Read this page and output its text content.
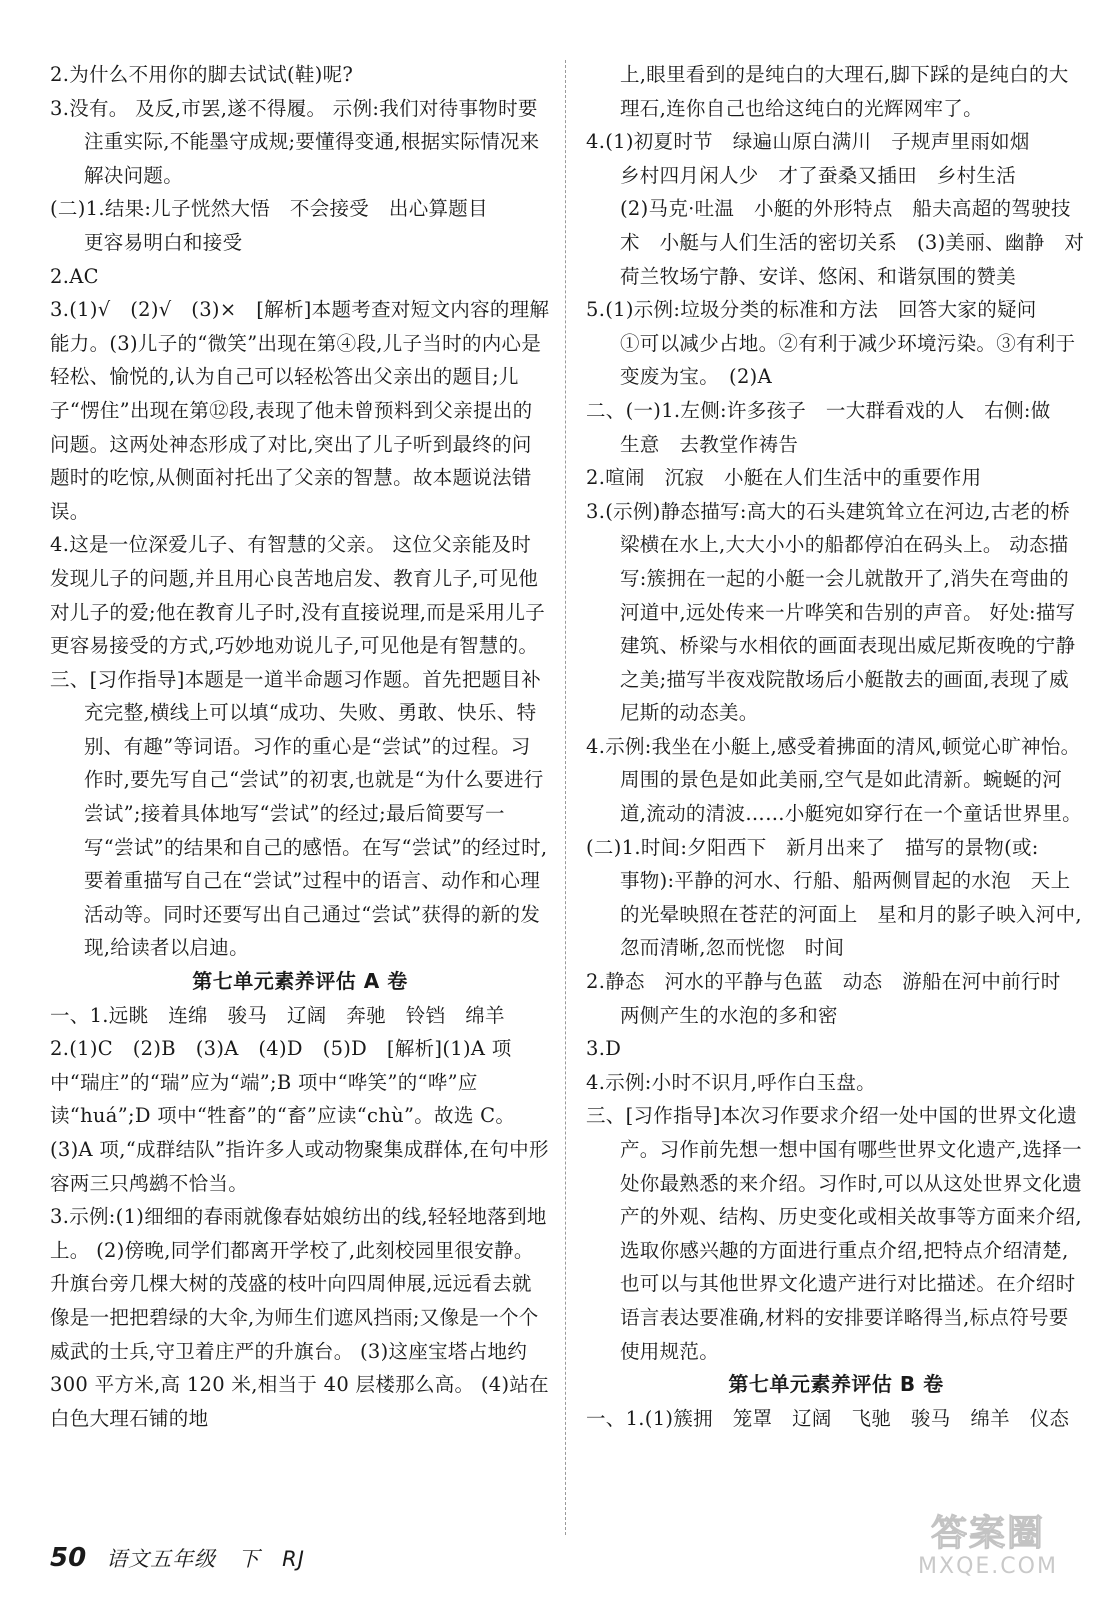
2.为什么不用你的脚去试试(鞋)呢?

3.没有。 及反,市罢,遂不得履。 示例:我们对待事物时要注重实际,不能墨守成规;要懂得变通,根据实际情况来解决问题。

(二)1.结果:儿子恍然大悟　不会接受　出心算题目

更容易明白和接受

2.AC

3.(1)√　(2)√　(3)×　[解析]本题考查对短文内容的理解能力。(3)儿子的“微笑”出现在第④段,儿子当时的内心是轻松、愉悦的,认为自己可以轻松答出父亲出的题目;儿子“愣住”出现在第⑫段,表现了他未曾预料到父亲提出的问题。这两处神态形成了对比,突出了儿子听到最终的问题时的吃惊,从侧面衬托出了父亲的智慧。故本题说法错误。

4.这是一位深爱儿子、有智慧的父亲。 这位父亲能及时发现儿子的问题,并且用心良苦地启发、教育儿子,可见他对儿子的爱;他在教育儿子时,没有直接说理,而是采用儿子更容易接受的方式,巧妙地劝说儿子,可见他是有智慧的。

三、[习作指导]本题是一道半命题习作题。首先把题目补充完整,横线上可以填“成功、失败、勇敢、快乐、特别、有趣”等词语。习作的重心是“尝试”的过程。习作时,要先写自己“尝试”的初衷,也就是“为什么要进行尝试”;接着具体地写“尝试”的经过;最后简要写一写“尝试”的结果和自己的感悟。在写“尝试”的经过时,要着重描写自己在“尝试”过程中的语言、动作和心理活动等。同时还要写出自己通过“尝试”获得的新的发现,给读者以启迪。

第七单元素养评估 A 卷

一、1.远眺　连绵　骏马　辽阔　奔驰　铃铛　绵羊

2.(1)C　(2)B　(3)A　(4)D　(5)D　[解析](1)A 项中“瑞庄”的“瑞”应为“端”;B 项中“哗笑”的“哗”应读“huá”;D 项中“牲畜”的“畜”应读“chù”。故选 C。(3)A 项,“成群结队”指许多人或动物聚集成群体,在句中形容两三只鸬鹚不恰当。

3.示例:(1)细细的春雨就像春姑娘纺出的线,轻轻地落到地上。 (2)傍晚,同学们都离开学校了,此刻校园里很安静。升旗台旁几棵大树的茂盛的枝叶向四周伸展,远远看去就像是一把把碧绿的大伞,为师生们遮风挡雨;又像是一个个威武的士兵,守卫着庄严的升旗台。 (3)这座宝塔占地约 300 平方米,高 120 米,相当于 40 层楼那么高。 (4)站在白色大理石铺的地

上,眼里看到的是纯白的大理石,脚下踩的是纯白的大理石,连你自己也给这纯白的光辉网牢了。

4.(1)初夏时节　绿遍山原白满川　子规声里雨如烟

乡村四月闲人少　才了蚕桑又插田　乡村生活

(2)马克·吐温　小艇的外形特点　船夫高超的驾驶技术　小艇与人们生活的密切关系　(3)美丽、幽静　对荷兰牧场宁静、安详、悠闲、和谐氛围的赞美

5.(1)示例:垃圾分类的标准和方法　回答大家的疑问

①可以减少占地。②有利于减少环境污染。③有利于变废为宝。　(2)A

二、(一)1.左侧:许多孩子　一大群看戏的人　右侧:做

生意　去教堂作祷告

2.喧闹　沉寂　小艇在人们生活中的重要作用

3.(示例)静态描写:高大的石头建筑耸立在河边,古老的桥梁横在水上,大大小小的船都停泊在码头上。 动态描写:簇拥在一起的小艇一会儿就散开了,消失在弯曲的河道中,远处传来一片哗笑和告别的声音。 好处:描写建筑、桥梁与水相依的画面表现出威尼斯夜晚的宁静之美;描写半夜戏院散场后小艇散去的画面,表现了威尼斯的动态美。

4.示例:我坐在小艇上,感受着拂面的清风,顿觉心旷神怡。周围的景色是如此美丽,空气是如此清新。蜿蜒的河道,流动的清波……小艇宛如穿行在一个童话世界里。

(二)1.时间:夕阳西下　新月出来了　描写的景物(或:

事物):平静的河水、行船、船两侧冒起的水泡　天上的光晕映照在苍茫的河面上　星和月的影子映入河中,忽而清晰,忽而恍惚　时间

2.静态　河水的平静与色蓝　动态　游船在河中前行时

两侧产生的水泡的多和密

3.D

4.示例:小时不识月,呼作白玉盘。

三、[习作指导]本次习作要求介绍一处中国的世界文化遗产。习作前先想一想中国有哪些世界文化遗产,选择一处你最熟悉的来介绍。习作时,可以从这处世界文化遗产的外观、结构、历史变化或相关故事等方面来介绍,选取你感兴趣的方面进行重点介绍,把特点介绍清楚,也可以与其他世界文化遗产进行对比描述。在介绍时语言表达要准确,材料的安排要详略得当,标点符号要使用规范。

第七单元素养评估 B 卷

一、1.(1)簇拥　笼罩　辽阔　飞驰　骏马　绵羊　仪态

50 语文五年级　下　RJ
答案圈
MXQE.COM
